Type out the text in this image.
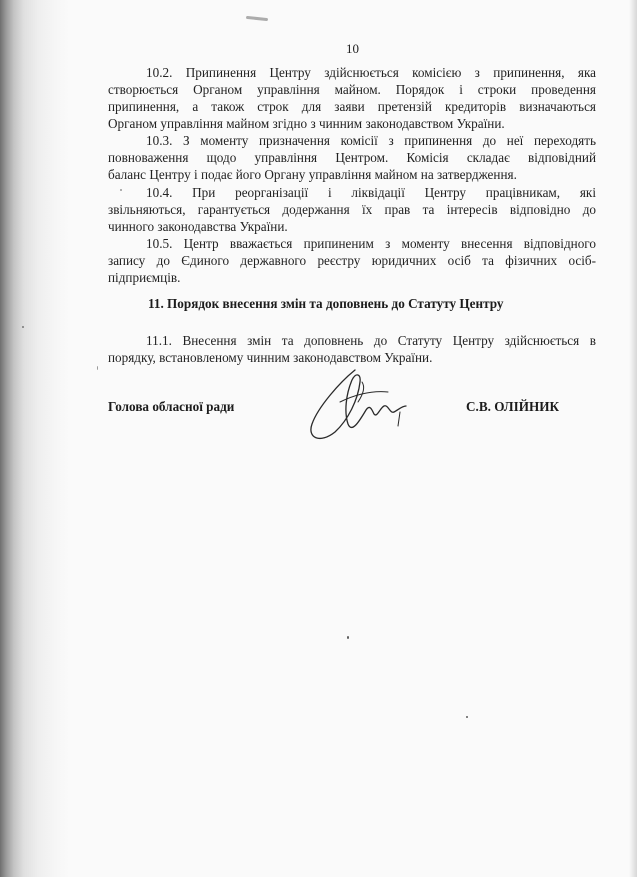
10
10.2. Припинення Центру здійснюється комісією з припинення, яка
створюється Органом управління майном. Порядок і строки проведення
припинення, а також строк для заяви претензій кредиторів визначаються
Органом управління майном згідно з чинним законодавством України.
10.3. З моменту призначення комісії з припинення до неї переходять
повноваження щодо управління Центром. Комісія складає відповідний
баланс Центру і подає його Органу управління майном на затвердження.
10.4. При реорганізації і ліквідації Центру працівникам, які
звільняються, гарантується додержання їх прав та інтересів відповідно до
чинного законодавства України.
10.5. Центр вважається припиненим з моменту внесення відповідного
запису до Єдиного державного реєстру юридичних осіб та фізичних осіб-
підприємців.
11. Порядок внесення змін та доповнень до Статуту Центру
11.1. Внесення змін та доповнень до Статуту Центру здійснюється в
порядку, встановленому чинним законодавством України.
Голова обласної ради	С.В. ОЛІЙНИК
